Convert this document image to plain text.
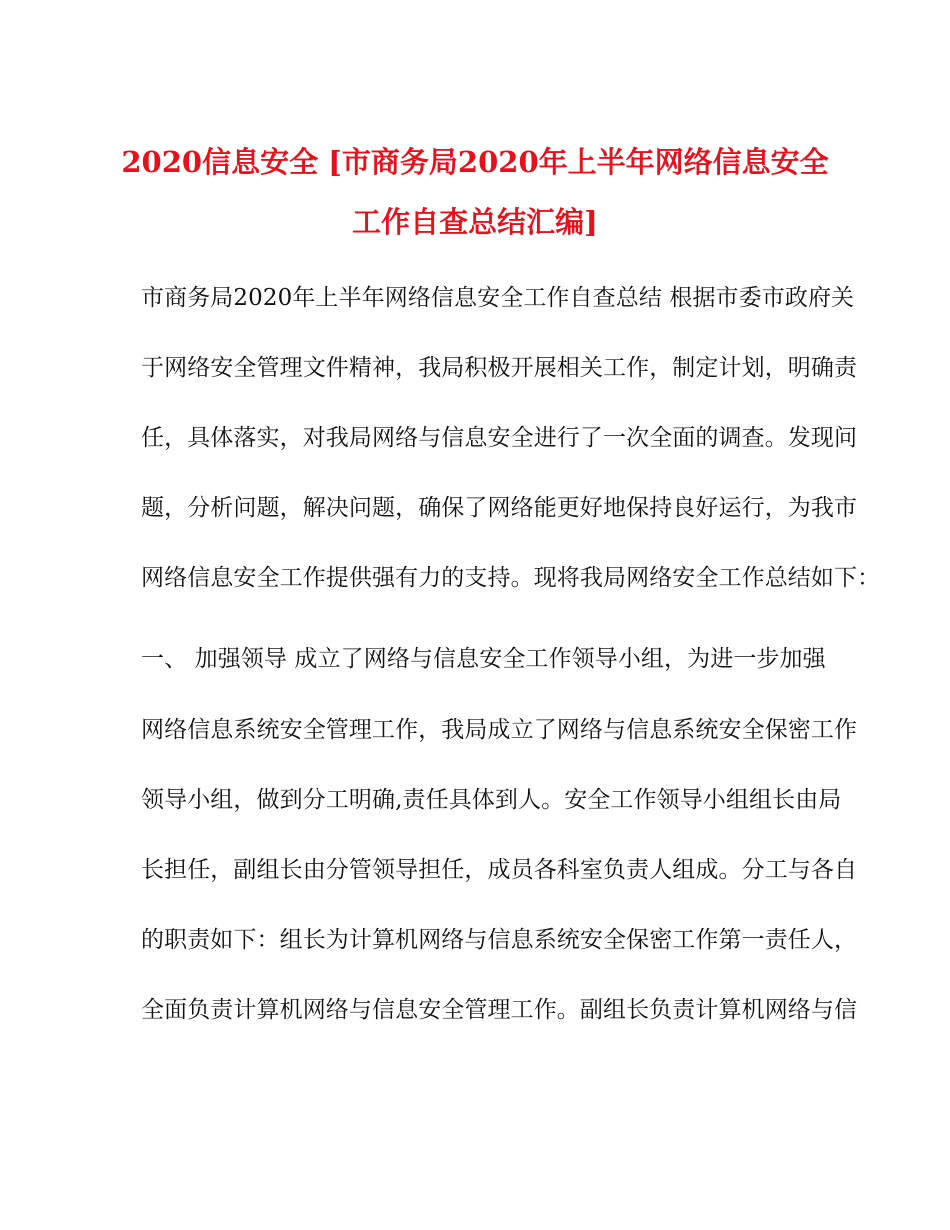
2020信息安全 [市商务局2020年上半年网络信息安全
工作自查总结汇编]
市商务局2020年上半年网络信息安全工作自查总结 根据市委市政府关
于网络安全管理文件精神，我局积极开展相关工作，制定计划，明确责
任，具体落实，对我局网络与信息安全进行了一次全面的调查。发现问
题，分析问题，解决问题，确保了网络能更好地保持良好运行，为我市
网络信息安全工作提供强有力的支持。现将我局网络安全工作总结如下：
一、 加强领导 成立了网络与信息安全工作领导小组，为进一步加强
网络信息系统安全管理工作，我局成立了网络与信息系统安全保密工作
领导小组，做到分工明确,责任具体到人。安全工作领导小组组长由局
长担任，副组长由分管领导担任，成员各科室负责人组成。分工与各自
的职责如下：组长为计算机网络与信息系统安全保密工作第一责任人，
全面负责计算机网络与信息安全管理工作。副组长负责计算机网络与信
